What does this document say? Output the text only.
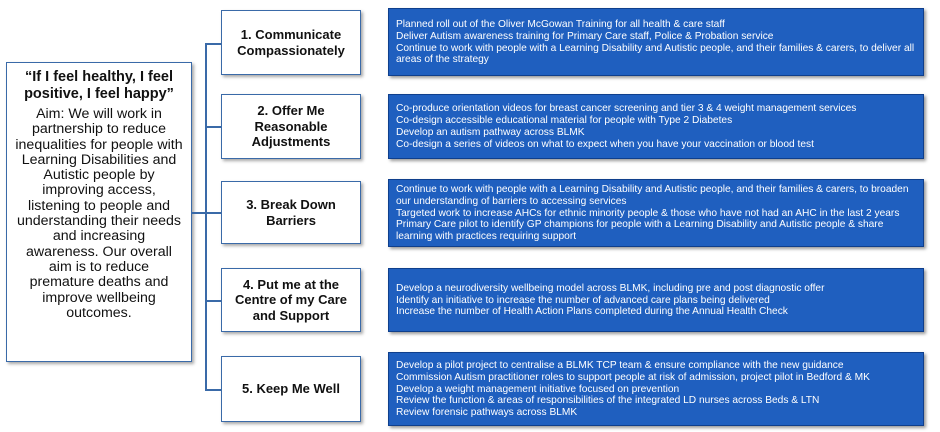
“If I feel healthy, I feel positive, I feel happy”
Aim: We will work in partnership to reduce inequalities for people with Learning Disabilities and Autistic people by improving access, listening to people and understanding their needs and increasing awareness. Our overall aim is to reduce premature deaths and improve wellbeing outcomes.
1. Communicate Compassionately
Planned roll out of the Oliver McGowan Training for all health & care staff
Deliver Autism awareness training for Primary Care staff, Police & Probation service
Continue to work with people with a Learning Disability and Autistic people, and their families & carers, to deliver all areas of the strategy
2. Offer Me Reasonable Adjustments
Co-produce orientation videos for breast cancer screening and tier 3 & 4 weight management services
Co-design accessible educational material for people with Type 2 Diabetes
Develop an autism pathway across BLMK
Co-design a series of videos on what to expect when you have your vaccination or blood test
3. Break Down Barriers
Continue to work with people with a Learning Disability and Autistic people, and their families & carers, to broaden our understanding of barriers to accessing services
Targeted work to increase AHCs for ethnic minority people & those who have not had an AHC in the last 2 years
Primary Care pilot to identify GP champions for people with a Learning Disability and Autistic people & share learning with practices requiring support
4. Put me at the Centre of my Care and Support
Develop a neurodiversity wellbeing model across BLMK, including pre and post diagnostic offer
Identify an initiative to increase the number of advanced care plans being delivered
Increase the number of Health Action Plans completed during the Annual Health Check
5. Keep Me Well
Develop a pilot project to centralise a BLMK TCP team & ensure compliance with the new guidance
Commission Autism practitioner roles to support people at risk of admission, project pilot in Bedford & MK
Develop a weight management initiative focused on prevention
Review the function & areas of responsibilities of the integrated LD nurses across Beds & LTN
Review forensic pathways across BLMK
